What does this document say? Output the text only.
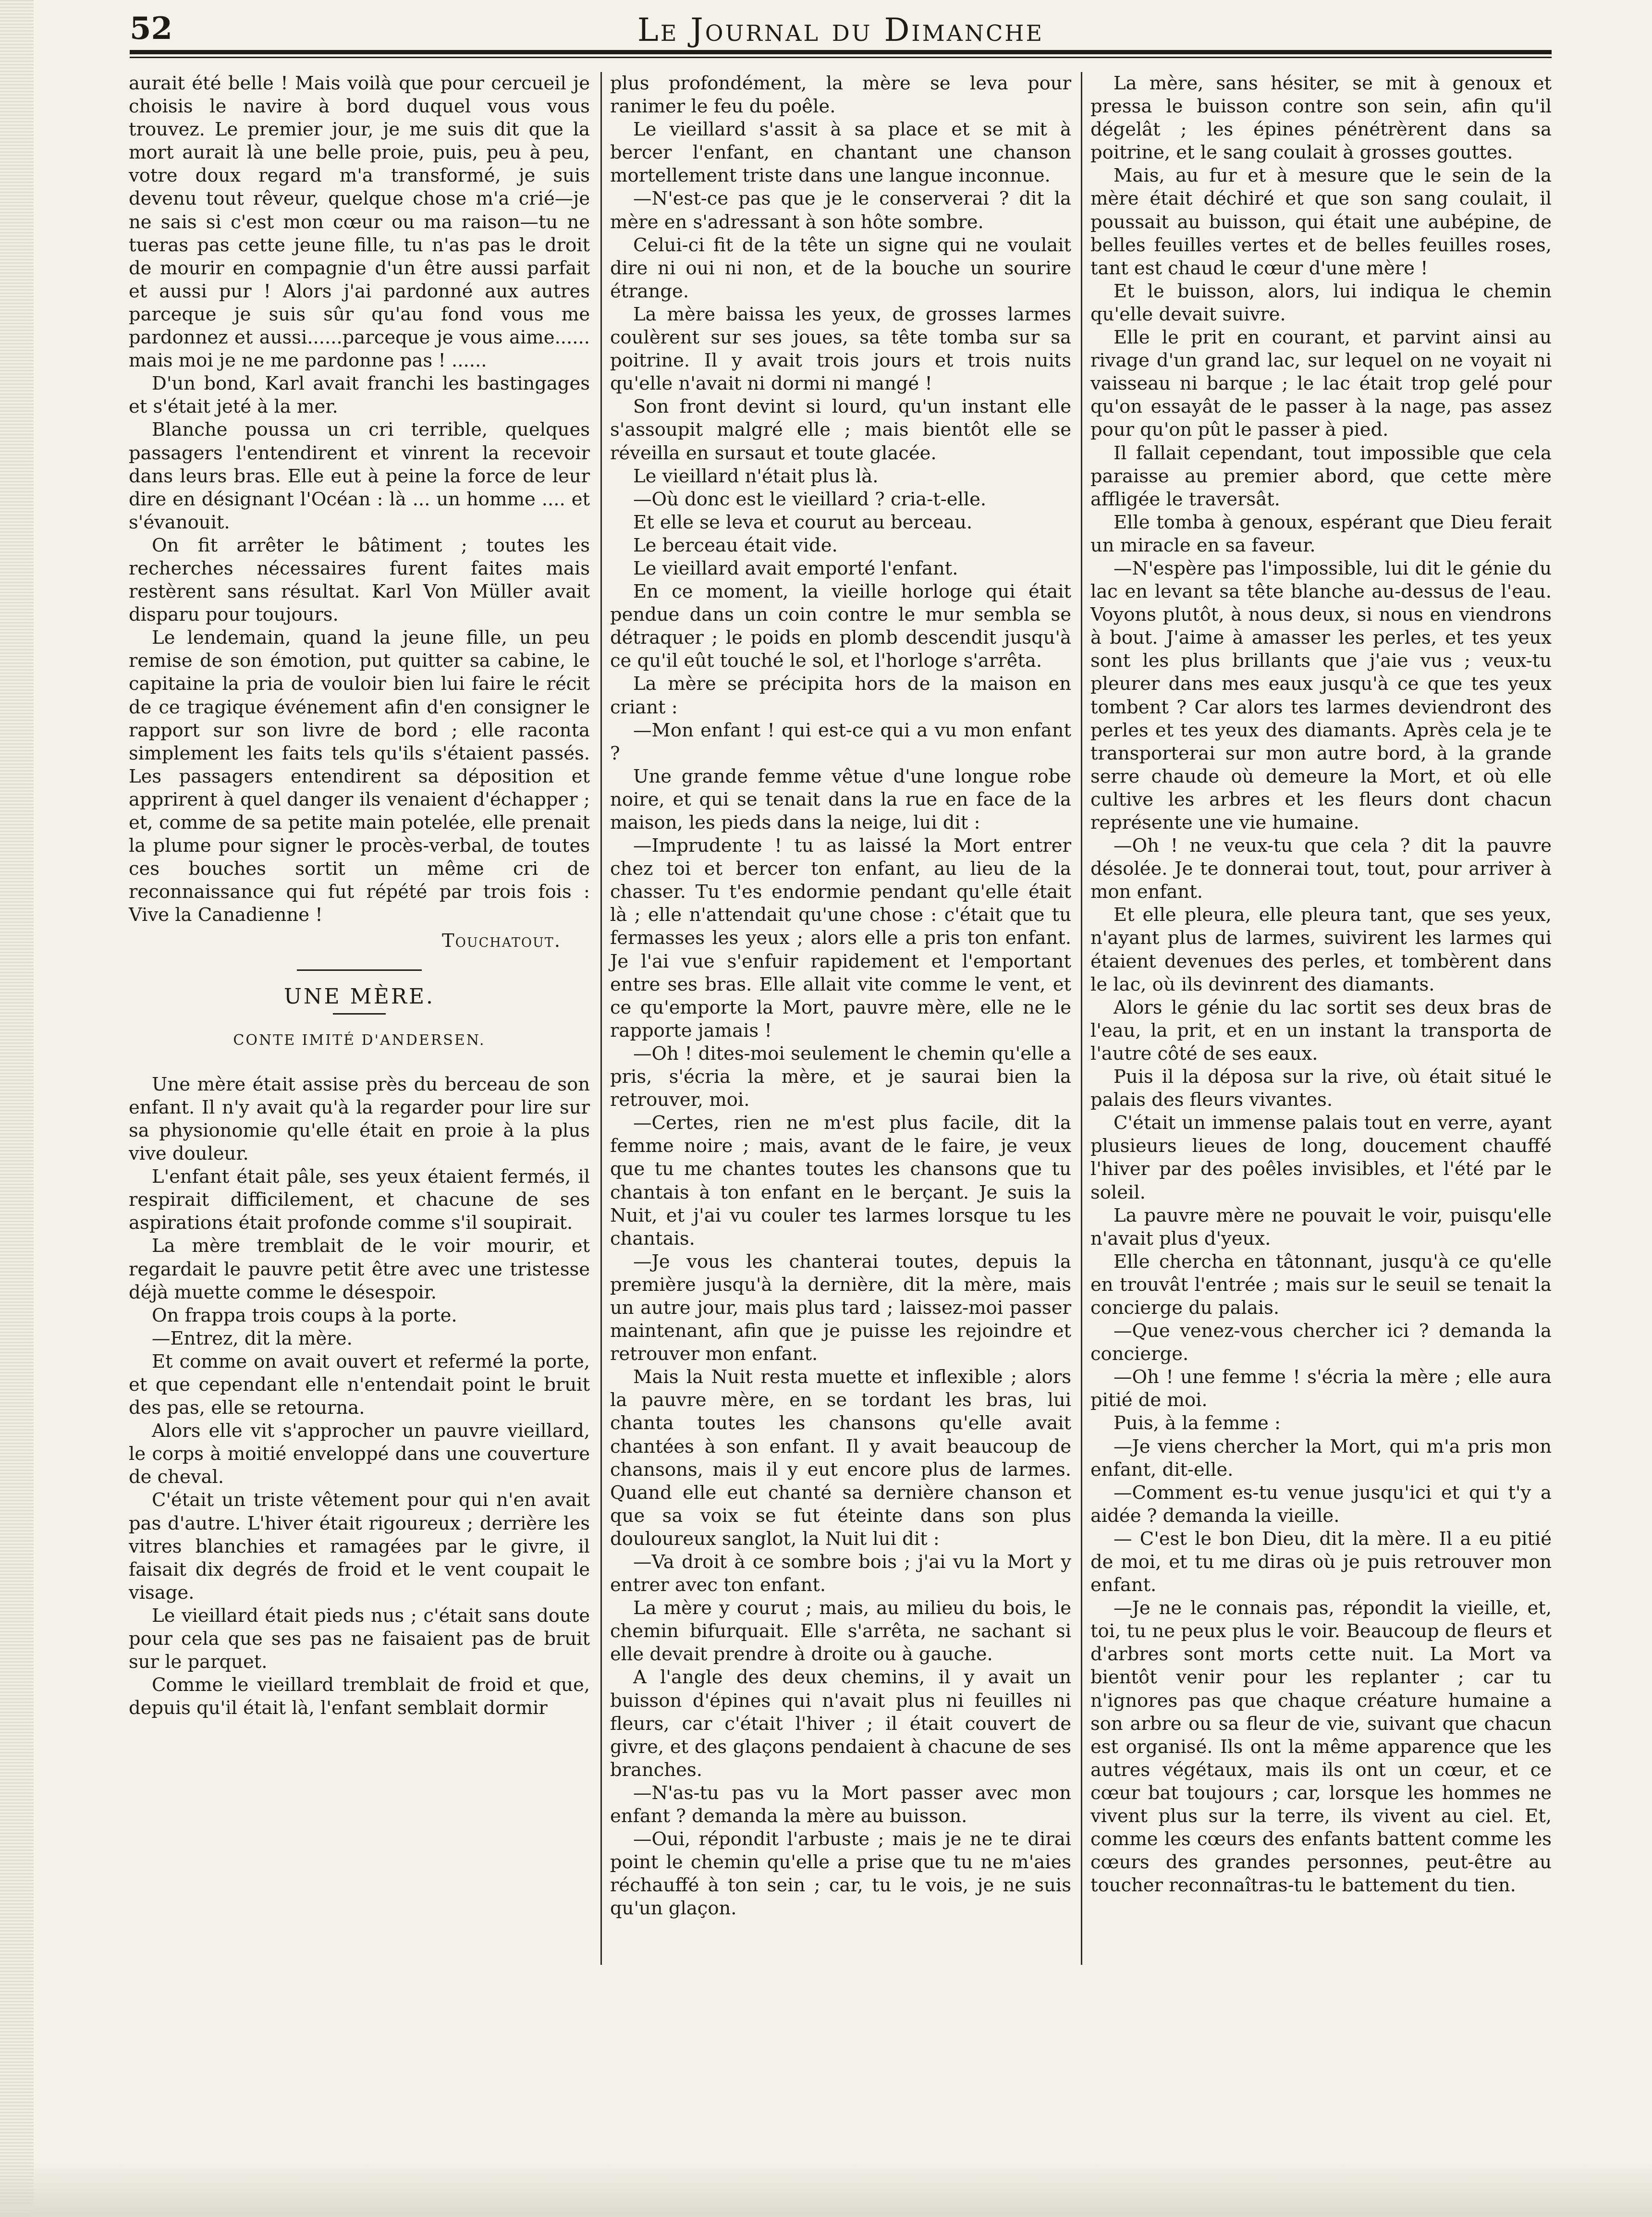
52	Le Journal du Dimanche

aurait été belle ! Mais voilà que pour cercueil je choisis le navire à bord duquel vous vous trouvez. Le premier jour, je me suis dit que la mort aurait là une belle proie, puis, peu à peu, votre doux regard m'a transformé, je suis devenu tout rêveur, quelque chose m'a crié—je ne sais si c'est mon cœur ou ma raison—tu ne tueras pas cette jeune fille, tu n'as pas le droit de mourir en compagnie d'un être aussi parfait et aussi pur ! Alors j'ai pardonné aux autres parceque je suis sûr qu'au fond vous me pardonnez et aussi......parceque je vous aime...... mais moi je ne me pardonne pas ! ......

D'un bond, Karl avait franchi les bastingages et s'était jeté à la mer.

Blanche poussa un cri terrible, quelques passagers l'entendirent et vinrent la recevoir dans leurs bras. Elle eut à peine la force de leur dire en désignant l'Océan : là ... un homme .... et s'évanouit.

On fit arrêter le bâtiment ; toutes les recherches nécessaires furent faites mais restèrent sans résultat. Karl Von Müller avait disparu pour toujours.

Le lendemain, quand la jeune fille, un peu remise de son émotion, put quitter sa cabine, le capitaine la pria de vouloir bien lui faire le récit de ce tragique événement afin d'en consigner le rapport sur son livre de bord ; elle raconta simplement les faits tels qu'ils s'étaient passés. Les passagers entendirent sa déposition et apprirent à quel danger ils venaient d'échapper ; et, comme de sa petite main potelée, elle prenait la plume pour signer le procès-verbal, de toutes ces bouches sortit un même cri de reconnaissance qui fut répété par trois fois : Vive la Canadienne !

Touchatout.
UNE MÈRE.
CONTE IMITÉ D'ANDERSEN.

Une mère était assise près du berceau de son enfant. Il n'y avait qu'à la regarder pour lire sur sa physionomie qu'elle était en proie à la plus vive douleur.

L'enfant était pâle, ses yeux étaient fermés, il respirait difficilement, et chacune de ses aspirations était profonde comme s'il soupirait.

La mère tremblait de le voir mourir, et regardait le pauvre petit être avec une tristesse déjà muette comme le désespoir.

On frappa trois coups à la porte.

—Entrez, dit la mère.

Et comme on avait ouvert et refermé la porte, et que cependant elle n'entendait point le bruit des pas, elle se retourna.

Alors elle vit s'approcher un pauvre vieillard, le corps à moitié enveloppé dans une couverture de cheval.

C'était un triste vêtement pour qui n'en avait pas d'autre. L'hiver était rigoureux ; derrière les vitres blanchies et ramagées par le givre, il faisait dix degrés de froid et le vent coupait le visage.

Le vieillard était pieds nus ; c'était sans doute pour cela que ses pas ne faisaient pas de bruit sur le parquet.

Comme le vieillard tremblait de froid et que, depuis qu'il était là, l'enfant semblait dormir

plus profondément, la mère se leva pour ranimer le feu du poêle.

Le vieillard s'assit à sa place et se mit à bercer l'enfant, en chantant une chanson mortellement triste dans une langue inconnue.

—N'est-ce pas que je le conserverai ? dit la mère en s'adressant à son hôte sombre.

Celui-ci fit de la tête un signe qui ne voulait dire ni oui ni non, et de la bouche un sourire étrange.

La mère baissa les yeux, de grosses larmes coulèrent sur ses joues, sa tête tomba sur sa poitrine. Il y avait trois jours et trois nuits qu'elle n'avait ni dormi ni mangé !

Son front devint si lourd, qu'un instant elle s'assoupit malgré elle ; mais bientôt elle se réveilla en sursaut et toute glacée.

Le vieillard n'était plus là.

—Où donc est le vieillard ? cria-t-elle.

Et elle se leva et courut au berceau.

Le berceau était vide.

Le vieillard avait emporté l'enfant.

En ce moment, la vieille horloge qui était pendue dans un coin contre le mur sembla se détraquer ; le poids en plomb descendit jusqu'à ce qu'il eût touché le sol, et l'horloge s'arrêta.

La mère se précipita hors de la maison en criant :

—Mon enfant ! qui est-ce qui a vu mon enfant ?

Une grande femme vêtue d'une longue robe noire, et qui se tenait dans la rue en face de la maison, les pieds dans la neige, lui dit :

—Imprudente ! tu as laissé la Mort entrer chez toi et bercer ton enfant, au lieu de la chasser. Tu t'es endormie pendant qu'elle était là ; elle n'attendait qu'une chose : c'était que tu fermasses les yeux ; alors elle a pris ton enfant. Je l'ai vue s'enfuir rapidement et l'emportant entre ses bras. Elle allait vite comme le vent, et ce qu'emporte la Mort, pauvre mère, elle ne le rapporte jamais !

—Oh ! dites-moi seulement le chemin qu'elle a pris, s'écria la mère, et je saurai bien la retrouver, moi.

—Certes, rien ne m'est plus facile, dit la femme noire ; mais, avant de le faire, je veux que tu me chantes toutes les chansons que tu chantais à ton enfant en le berçant. Je suis la Nuit, et j'ai vu couler tes larmes lorsque tu les chantais.

—Je vous les chanterai toutes, depuis la première jusqu'à la dernière, dit la mère, mais un autre jour, mais plus tard ; laissez-moi passer maintenant, afin que je puisse les rejoindre et retrouver mon enfant.

Mais la Nuit resta muette et inflexible ; alors la pauvre mère, en se tordant les bras, lui chanta toutes les chansons qu'elle avait chantées à son enfant. Il y avait beaucoup de chansons, mais il y eut encore plus de larmes. Quand elle eut chanté sa dernière chanson et que sa voix se fut éteinte dans son plus douloureux sanglot, la Nuit lui dit :

—Va droit à ce sombre bois ; j'ai vu la Mort y entrer avec ton enfant.

La mère y courut ; mais, au milieu du bois, le chemin bifurquait. Elle s'arrêta, ne sachant si elle devait prendre à droite ou à gauche.

A l'angle des deux chemins, il y avait un buisson d'épines qui n'avait plus ni feuilles ni fleurs, car c'était l'hiver ; il était couvert de givre, et des glaçons pendaient à chacune de ses branches.

—N'as-tu pas vu la Mort passer avec mon enfant ? demanda la mère au buisson.

—Oui, répondit l'arbuste ; mais je ne te dirai point le chemin qu'elle a prise que tu ne m'aies réchauffé à ton sein ; car, tu le vois, je ne suis qu'un glaçon.

La mère, sans hésiter, se mit à genoux et pressa le buisson contre son sein, afin qu'il dégelât ; les épines pénétrèrent dans sa poitrine, et le sang coulait à grosses gouttes.

Mais, au fur et à mesure que le sein de la mère était déchiré et que son sang coulait, il poussait au buisson, qui était une aubépine, de belles feuilles vertes et de belles feuilles roses, tant est chaud le cœur d'une mère !

Et le buisson, alors, lui indiqua le chemin qu'elle devait suivre.

Elle le prit en courant, et parvint ainsi au rivage d'un grand lac, sur lequel on ne voyait ni vaisseau ni barque ; le lac était trop gelé pour qu'on essayât de le passer à la nage, pas assez pour qu'on pût le passer à pied.

Il fallait cependant, tout impossible que cela paraisse au premier abord, que cette mère affligée le traversât.

Elle tomba à genoux, espérant que Dieu ferait un miracle en sa faveur.

—N'espère pas l'impossible, lui dit le génie du lac en levant sa tête blanche au-dessus de l'eau. Voyons plutôt, à nous deux, si nous en viendrons à bout. J'aime à amasser les perles, et tes yeux sont les plus brillants que j'aie vus ; veux-tu pleurer dans mes eaux jusqu'à ce que tes yeux tombent ? Car alors tes larmes deviendront des perles et tes yeux des diamants. Après cela je te transporterai sur mon autre bord, à la grande serre chaude où demeure la Mort, et où elle cultive les arbres et les fleurs dont chacun représente une vie humaine.

—Oh ! ne veux-tu que cela ? dit la pauvre désolée. Je te donnerai tout, tout, pour arriver à mon enfant.

Et elle pleura, elle pleura tant, que ses yeux, n'ayant plus de larmes, suivirent les larmes qui étaient devenues des perles, et tombèrent dans le lac, où ils devinrent des diamants.

Alors le génie du lac sortit ses deux bras de l'eau, la prit, et en un instant la transporta de l'autre côté de ses eaux.

Puis il la déposa sur la rive, où était situé le palais des fleurs vivantes.

C'était un immense palais tout en verre, ayant plusieurs lieues de long, doucement chauffé l'hiver par des poêles invisibles, et l'été par le soleil.

La pauvre mère ne pouvait le voir, puisqu'elle n'avait plus d'yeux.

Elle chercha en tâtonnant, jusqu'à ce qu'elle en trouvât l'entrée ; mais sur le seuil se tenait la concierge du palais.

—Que venez-vous chercher ici ? demanda la concierge.

—Oh ! une femme ! s'écria la mère ; elle aura pitié de moi.

Puis, à la femme :

—Je viens chercher la Mort, qui m'a pris mon enfant, dit-elle.

—Comment es-tu venue jusqu'ici et qui t'y a aidée ? demanda la vieille.

— C'est le bon Dieu, dit la mère. Il a eu pitié de moi, et tu me diras où je puis retrouver mon enfant.

—Je ne le connais pas, répondit la vieille, et, toi, tu ne peux plus le voir. Beaucoup de fleurs et d'arbres sont morts cette nuit. La Mort va bientôt venir pour les replanter ; car tu n'ignores pas que chaque créature humaine a son arbre ou sa fleur de vie, suivant que chacun est organisé. Ils ont la même apparence que les autres végétaux, mais ils ont un cœur, et ce cœur bat toujours ; car, lorsque les hommes ne vivent plus sur la terre, ils vivent au ciel. Et, comme les cœurs des enfants battent comme les cœurs des grandes personnes, peut-être au toucher reconnaîtras-tu le battement du tien.
